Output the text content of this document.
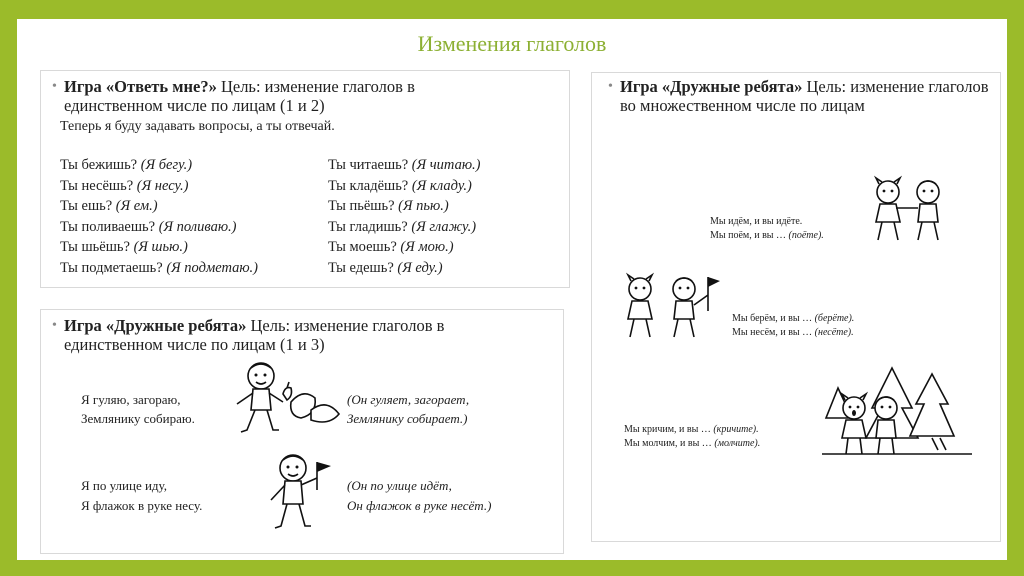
Изменения глаголов
• Игра «Ответь мне?» Цель: изменение глаголов в единственном числе по лицам (1 и 2)
Теперь я буду задавать вопросы, а ты отвечай.
Ты бежишь? (Я бегу.)
Ты несёшь? (Я несу.)
Ты ешь? (Я ем.)
Ты поливаешь? (Я поливаю.)
Ты шьёшь? (Я шью.)
Ты подметаешь? (Я подметаю.)
Ты читаешь? (Я читаю.)
Ты кладёшь? (Я кладу.)
Ты пьёшь? (Я пью.)
Ты гладишь? (Я глажу.)
Ты моешь? (Я мою.)
Ты едешь? (Я еду.)
• Игра «Дружные ребята» Цель: изменение глаголов в единственном числе по лицам (1 и 3)
Я гуляю, загораю,
Землянику собираю.
(Он гуляет, загорает,
Землянику собирает.)
Я по улице иду,
Я флажок в руке несу.
(Он по улице идёт,
Он флажок в руке несёт.)
• Игра «Дружные ребята» Цель: изменение глаголов во множественном числе по лицам
Мы идём, и вы идёте.
Мы поём, и вы … (поёте).
Мы берём, и вы … (берёте).
Мы несём, и вы … (несёте).
Мы кричим, и вы … (кричите).
Мы молчим, и вы … (молчите).
